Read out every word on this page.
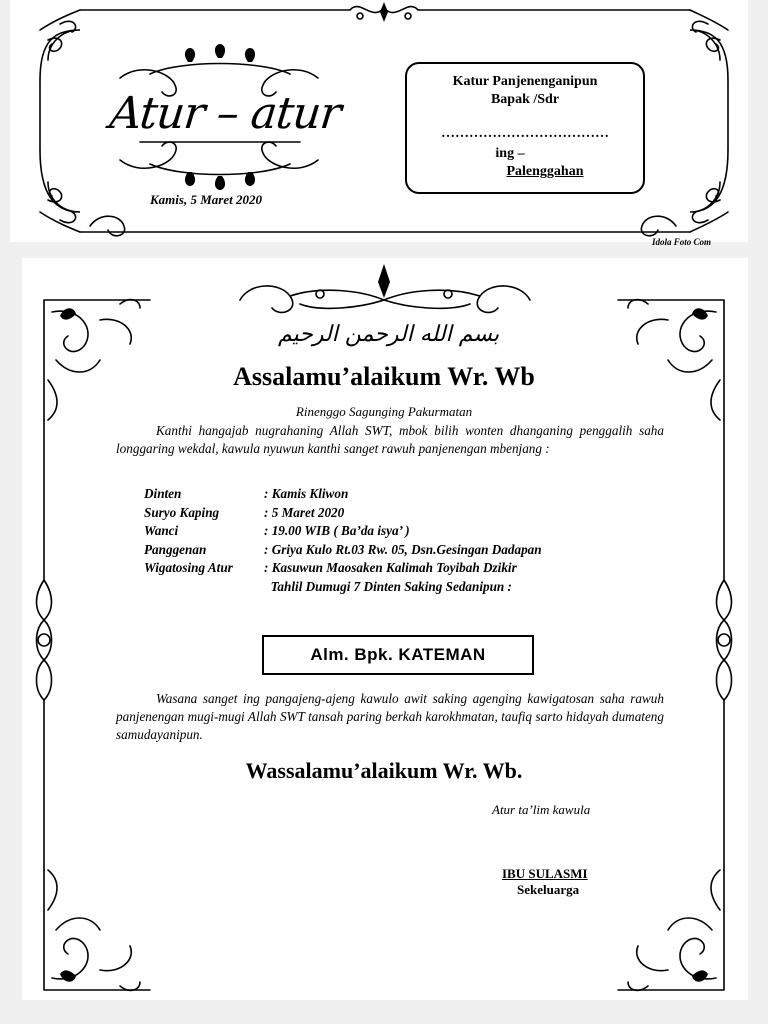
Atur – atur
Kamis, 5 Maret 2020
Katur Panjenenganipun
Bapak /Sdr
………………………………
ing –
Palenggahan
Idola Foto Com
بسم الله الرحمن الرحيم
Assalamu’alaikum Wr. Wb
Rinenggo Sagunging Pakurmatan
Kanthi hangajab nugrahaning Allah SWT, mbok bilih wonten dhanganing penggalih saha longgaring wekdal, kawula nyuwun kanthi sanget rawuh panjenengan mbenjang :
Dinten	: Kamis Kliwon
Suryo Kaping	: 5 Maret 2020
Wanci	: 19.00 WIB ( Ba’da isya’ )
Panggenan	: Griya Kulo Rt.03 Rw. 05, Dsn.Gesingan Dadapan
Wigatosing Atur	: Kasuwun Maosaken Kalimah Toyibah Dzikir
	Tahlil Dumugi 7 Dinten Saking Sedanipun :
Alm. Bpk. KATEMAN
Wasana sanget ing pangajeng-ajeng kawulo awit saking agenging kawigatosan saha rawuh panjenengan mugi-mugi Allah SWT tansah paring berkah karokhmatan, taufiq sarto hidayah dumateng samudayanipun.
Wassalamu’alaikum Wr. Wb.
Atur ta’lim kawula
IBU SULASMI
Sekeluarga
